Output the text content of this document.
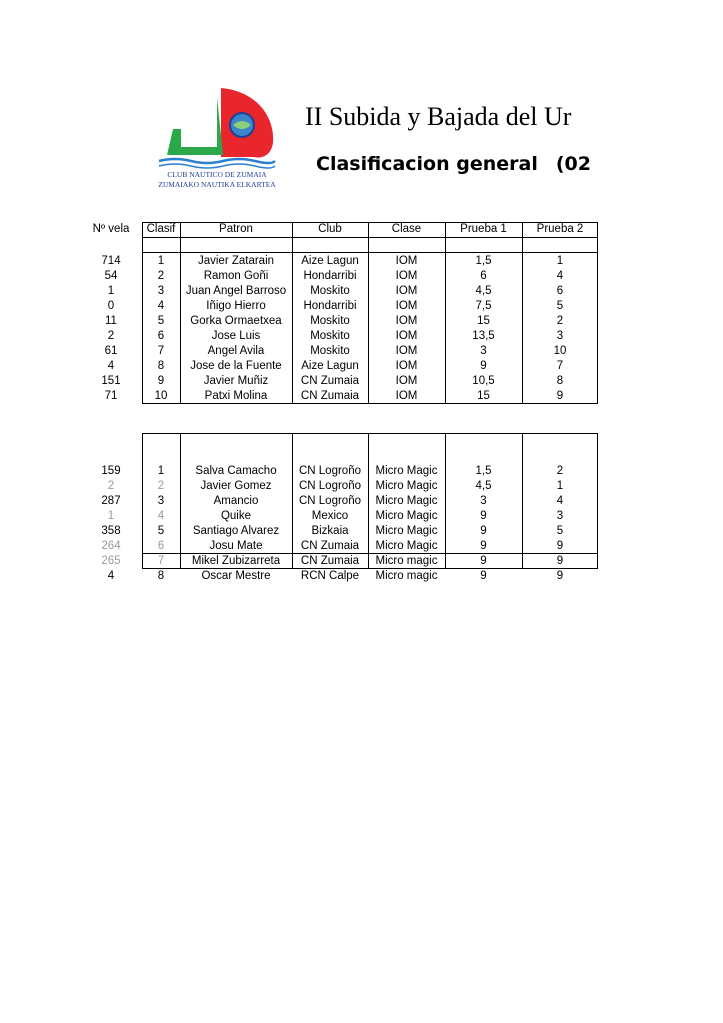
CLUB NAUTICO DE ZUMAIA
ZUMAIAKO NAUTIKA ELKARTEA
II Subida y Bajada del Ur
Clasificacion general (02
Nº vela	Clasif	Patron	Club	Clase	Prueba 1	Prueba 2
714	1	Javier Zatarain	Aize Lagun	IOM	1,5	1
54	2	Ramon Goñi	Hondarribi	IOM	6	4
1	3	Juan Angel Barroso	Moskito	IOM	4,5	6
0	4	Iñigo Hierro	Hondarribi	IOM	7,5	5
11	5	Gorka Ormaetxea	Moskito	IOM	15	2
2	6	Jose Luis	Moskito	IOM	13,5	3
61	7	Angel Avila	Moskito	IOM	3	10
4	8	Jose de la Fuente	Aize Lagun	IOM	9	7
151	9	Javier Muñiz	CN Zumaia	IOM	10,5	8
71	10	Patxi Molina	CN Zumaia	IOM	15	9
159	1	Salva Camacho	CN Logroño	Micro Magic	1,5	2
2	2	Javier Gomez	CN Logroño	Micro Magic	4,5	1
287	3	Amancio	CN Logroño	Micro Magic	3	4
1	4	Quike	Mexico	Micro Magic	9	3
358	5	Santiago Alvarez	Bizkaia	Micro Magic	9	5
264	6	Josu Mate	CN Zumaia	Micro Magic	9	9
265	7	Mikel Zubizarreta	CN Zumaia	Micro magic	9	9
4	8	Oscar Mestre	RCN Calpe	Micro magic	9	9
